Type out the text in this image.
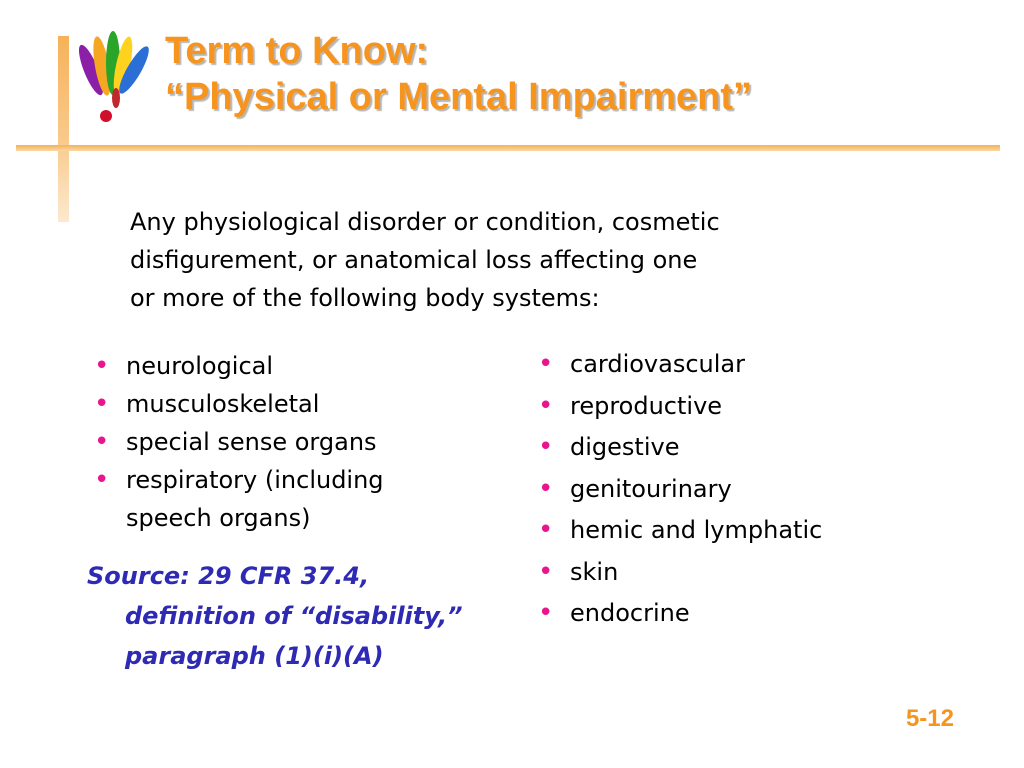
Term to Know:
“Physical or Mental Impairment”
Any physiological disorder or condition, cosmetic
disfigurement, or anatomical loss affecting one
or more of the following body systems:
• neurological
• musculoskeletal
• special sense organs
• respiratory (including
speech organs)
• cardiovascular
• reproductive
• digestive
• genitourinary
• hemic and lymphatic
• skin
• endocrine
Source: 29 CFR 37.4,
definition of “disability,”
paragraph (1)(i)(A)
5-12
